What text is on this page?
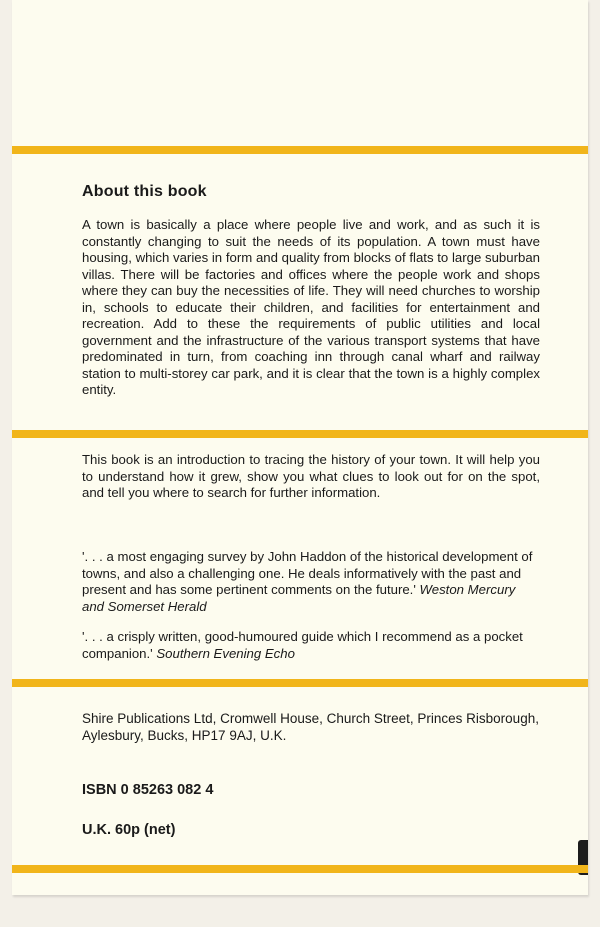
About this book
A town is basically a place where people live and work, and as such it is constantly changing to suit the needs of its population. A town must have housing, which varies in form and quality from blocks of flats to large suburban villas. There will be factories and offices where the people work and shops where they can buy the necessities of life. They will need churches to worship in, schools to educate their children, and facilities for entertainment and recreation. Add to these the requirements of public utilities and local government and the infrastructure of the various transport systems that have predominated in turn, from coaching inn through canal wharf and railway station to multi-storey car park, and it is clear that the town is a highly complex entity.
This book is an introduction to tracing the history of your town. It will help you to understand how it grew, show you what clues to look out for on the spot, and tell you where to search for further information.
'. . . a most engaging survey by John Haddon of the historical development of towns, and also a challenging one. He deals informatively with the past and present and has some pertinent comments on the future.' Weston Mercury and Somerset Herald
'. . . a crisply written, good-humoured guide which I recommend as a pocket companion.' Southern Evening Echo
Shire Publications Ltd, Cromwell House, Church Street, Princes Risborough, Aylesbury, Bucks, HP17 9AJ, U.K.
ISBN 0 85263 082 4
U.K. 60p (net)
